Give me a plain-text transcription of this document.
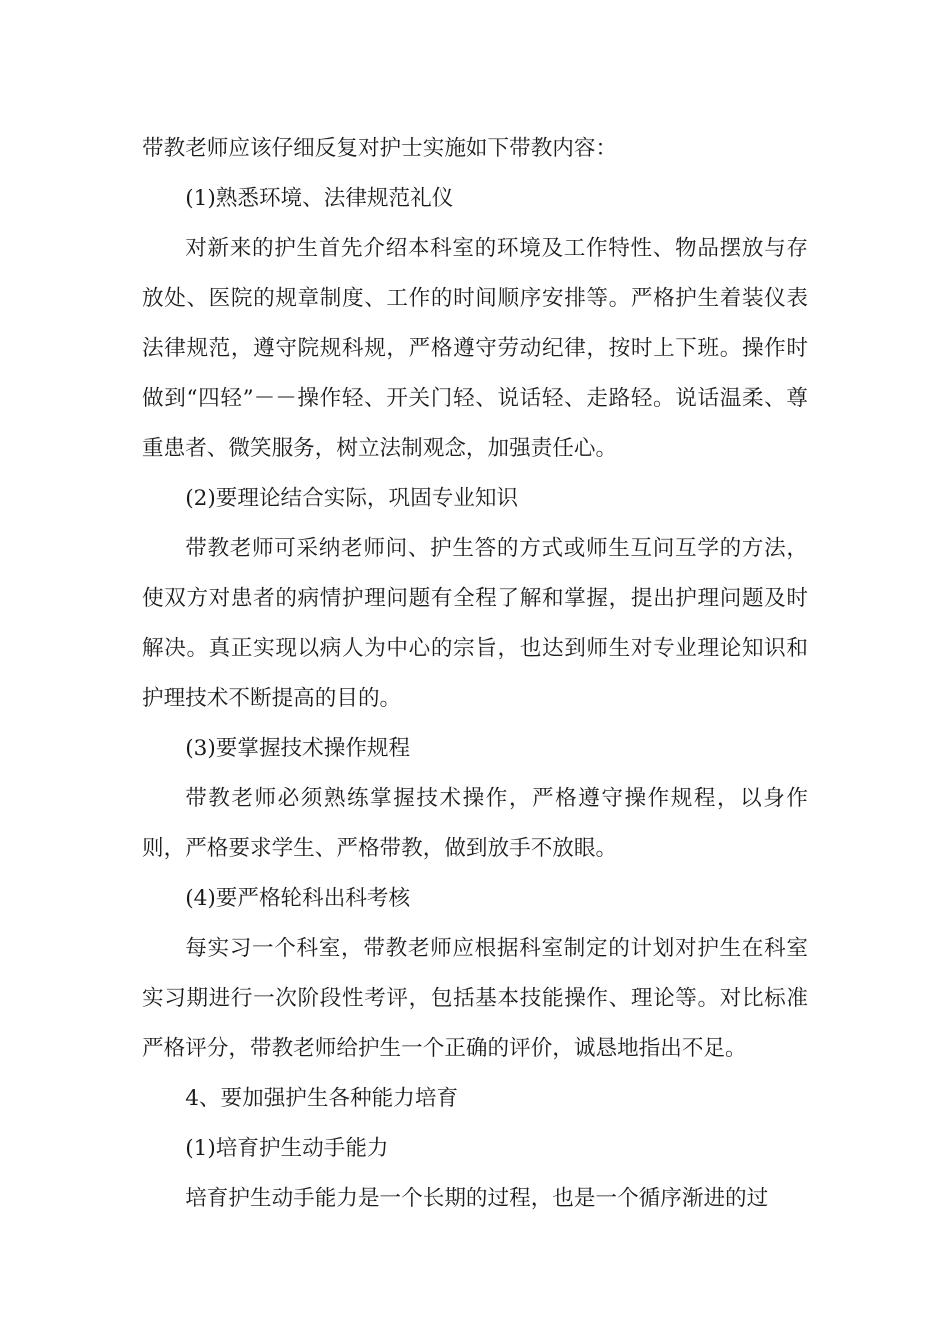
带教老师应该仔细反复对护士实施如下带教内容：

(1)熟悉环境、法律规范礼仪

对新来的护生首先介绍本科室的环境及工作特性、物品摆放与存放处、医院的规章制度、工作的时间顺序安排等。严格护生着装仪表法律规范，遵守院规科规，严格遵守劳动纪律，按时上下班。操作时做到“四轻”－－操作轻、开关门轻、说话轻、走路轻。说话温柔、尊重患者、微笑服务，树立法制观念，加强责任心。

(2)要理论结合实际，巩固专业知识

带教老师可采纳老师问、护生答的方式或师生互问互学的方法，使双方对患者的病情护理问题有全程了解和掌握，提出护理问题及时解决。真正实现以病人为中心的宗旨，也达到师生对专业理论知识和护理技术不断提高的目的。

(3)要掌握技术操作规程

带教老师必须熟练掌握技术操作，严格遵守操作规程，以身作则，严格要求学生、严格带教，做到放手不放眼。

(4)要严格轮科出科考核

每实习一个科室，带教老师应根据科室制定的计划对护生在科室实习期进行一次阶段性考评，包括基本技能操作、理论等。对比标准严格评分，带教老师给护生一个正确的评价，诚恳地指出不足。

4、要加强护生各种能力培育

(1)培育护生动手能力

培育护生动手能力是一个长期的过程，也是一个循序渐进的过
